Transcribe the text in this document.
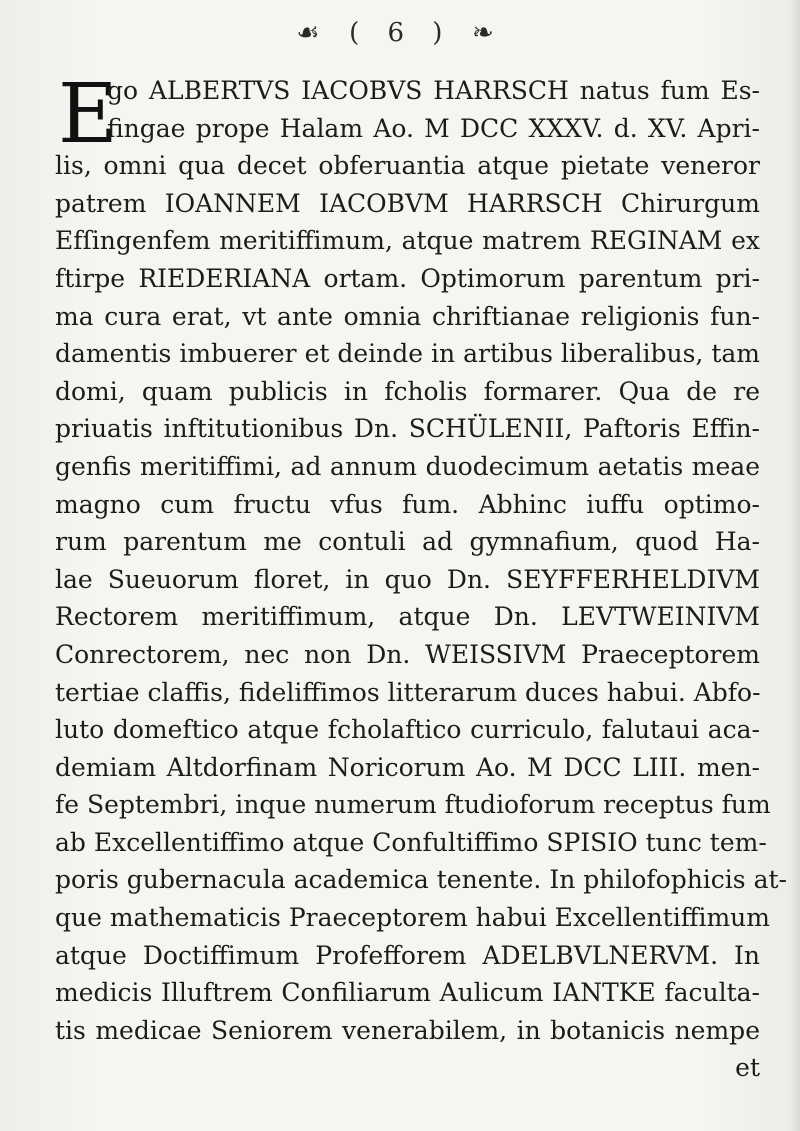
☙ ( 6 ) ❧
E
go ALBERTVS IACOBVS HARRSCH natus fum Es-
fingae prope Halam Ao. M DCC XXXV. d. XV. Apri-
lis, omni qua decet obferuantia atque pietate veneror
patrem IOANNEM IACOBVM HARRSCH Chirurgum
Efſingenfem meritiffimum, atque matrem REGINAM ex
ftirpe RIEDERIANA ortam. Optimorum parentum pri-
ma cura erat, vt ante omnia chriftianae religionis fun-
damentis imbuerer et deinde in artibus liberalibus, tam
domi, quam publicis in fcholis formarer. Qua de re
priuatis inftitutionibus Dn. SCHÜLENII, Paftoris Effin-
genfis meritiffimi, ad annum duodecimum aetatis meae
magno cum fructu vfus fum. Abhinc iuffu optimo-
rum parentum me contuli ad gymnafium, quod Ha-
lae Sueuorum floret, in quo Dn. SEYFFERHELDIVM
Rectorem meritiffimum, atque Dn. LEVTWEINIVM
Conrectorem, nec non Dn. WEISSIVM Praeceptorem
tertiae claffis, fideliffimos litterarum duces habui. Abfo-
luto domeftico atque fcholaftico curriculo, falutaui aca-
demiam Altdorfinam Noricorum Ao. M DCC LIII. men-
fe Septembri, inque numerum ftudioforum receptus fum
ab Excellentiffimo atque Confultiffimo SPISIO tunc tem-
poris gubernacula academica tenente. In philofophicis at-
que mathematicis Praeceptorem habui Excellentiffimum
atque Doctiffimum Profefforem ADELBVLNERVM. In
medicis Illuftrem Confiliarum Aulicum IANTKE faculta-
tis medicae Seniorem venerabilem, in botanicis nempe
et
